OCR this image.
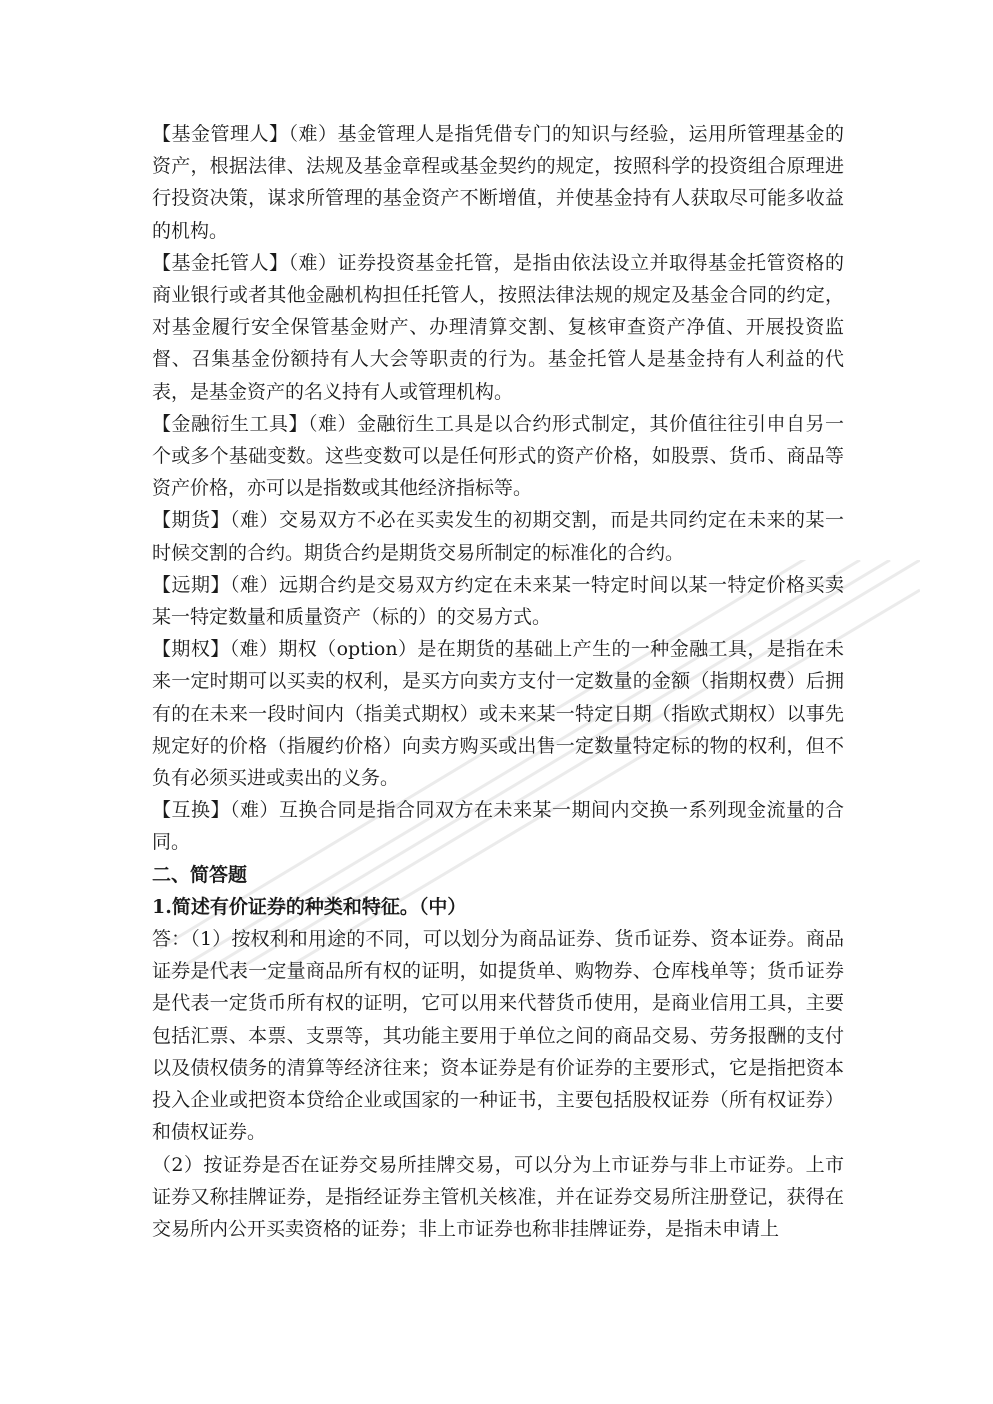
【基金管理人】（难）基金管理人是指凭借专门的知识与经验，运用所管理基金的资产，根据法律、法规及基金章程或基金契约的规定，按照科学的投资组合原理进行投资决策，谋求所管理的基金资产不断增值，并使基金持有人获取尽可能多收益的机构。

【基金托管人】（难）证券投资基金托管，是指由依法设立并取得基金托管资格的商业银行或者其他金融机构担任托管人，按照法律法规的规定及基金合同的约定，对基金履行安全保管基金财产、办理清算交割、复核审查资产净值、开展投资监督、召集基金份额持有人大会等职责的行为。基金托管人是基金持有人利益的代表，是基金资产的名义持有人或管理机构。

【金融衍生工具】（难）金融衍生工具是以合约形式制定，其价值往往引申自另一个或多个基础变数。这些变数可以是任何形式的资产价格，如股票、货币、商品等资产价格，亦可以是指数或其他经济指标等。

【期货】（难）交易双方不必在买卖发生的初期交割，而是共同约定在未来的某一时候交割的合约。期货合约是期货交易所制定的标准化的合约。

【远期】（难）远期合约是交易双方约定在未来某一特定时间以某一特定价格买卖某一特定数量和质量资产（标的）的交易方式。

【期权】（难）期权（option）是在期货的基础上产生的一种金融工具，是指在未来一定时期可以买卖的权利，是买方向卖方支付一定数量的金额（指期权费）后拥有的在未来一段时间内（指美式期权）或未来某一特定日期（指欧式期权）以事先规定好的价格（指履约价格）向卖方购买或出售一定数量特定标的物的权利，但不负有必须买进或卖出的义务。

【互换】（难）互换合同是指合同双方在未来某一期间内交换一系列现金流量的合同。

二、简答题

1.简述有价证券的种类和特征。（中）

答：（1）按权利和用途的不同，可以划分为商品证券、货币证券、资本证券。商品证券是代表一定量商品所有权的证明，如提货单、购物券、仓库栈单等；货币证券是代表一定货币所有权的证明，它可以用来代替货币使用，是商业信用工具，主要包括汇票、本票、支票等，其功能主要用于单位之间的商品交易、劳务报酬的支付以及债权债务的清算等经济往来；资本证券是有价证券的主要形式，它是指把资本投入企业或把资本贷给企业或国家的一种证书，主要包括股权证券（所有权证券）和债权证券。

（2）按证券是否在证券交易所挂牌交易，可以分为上市证券与非上市证券。上市证券又称挂牌证券，是指经证券主管机关核准，并在证券交易所注册登记，获得在交易所内公开买卖资格的证券；非上市证券也称非挂牌证券，是指未申请上
